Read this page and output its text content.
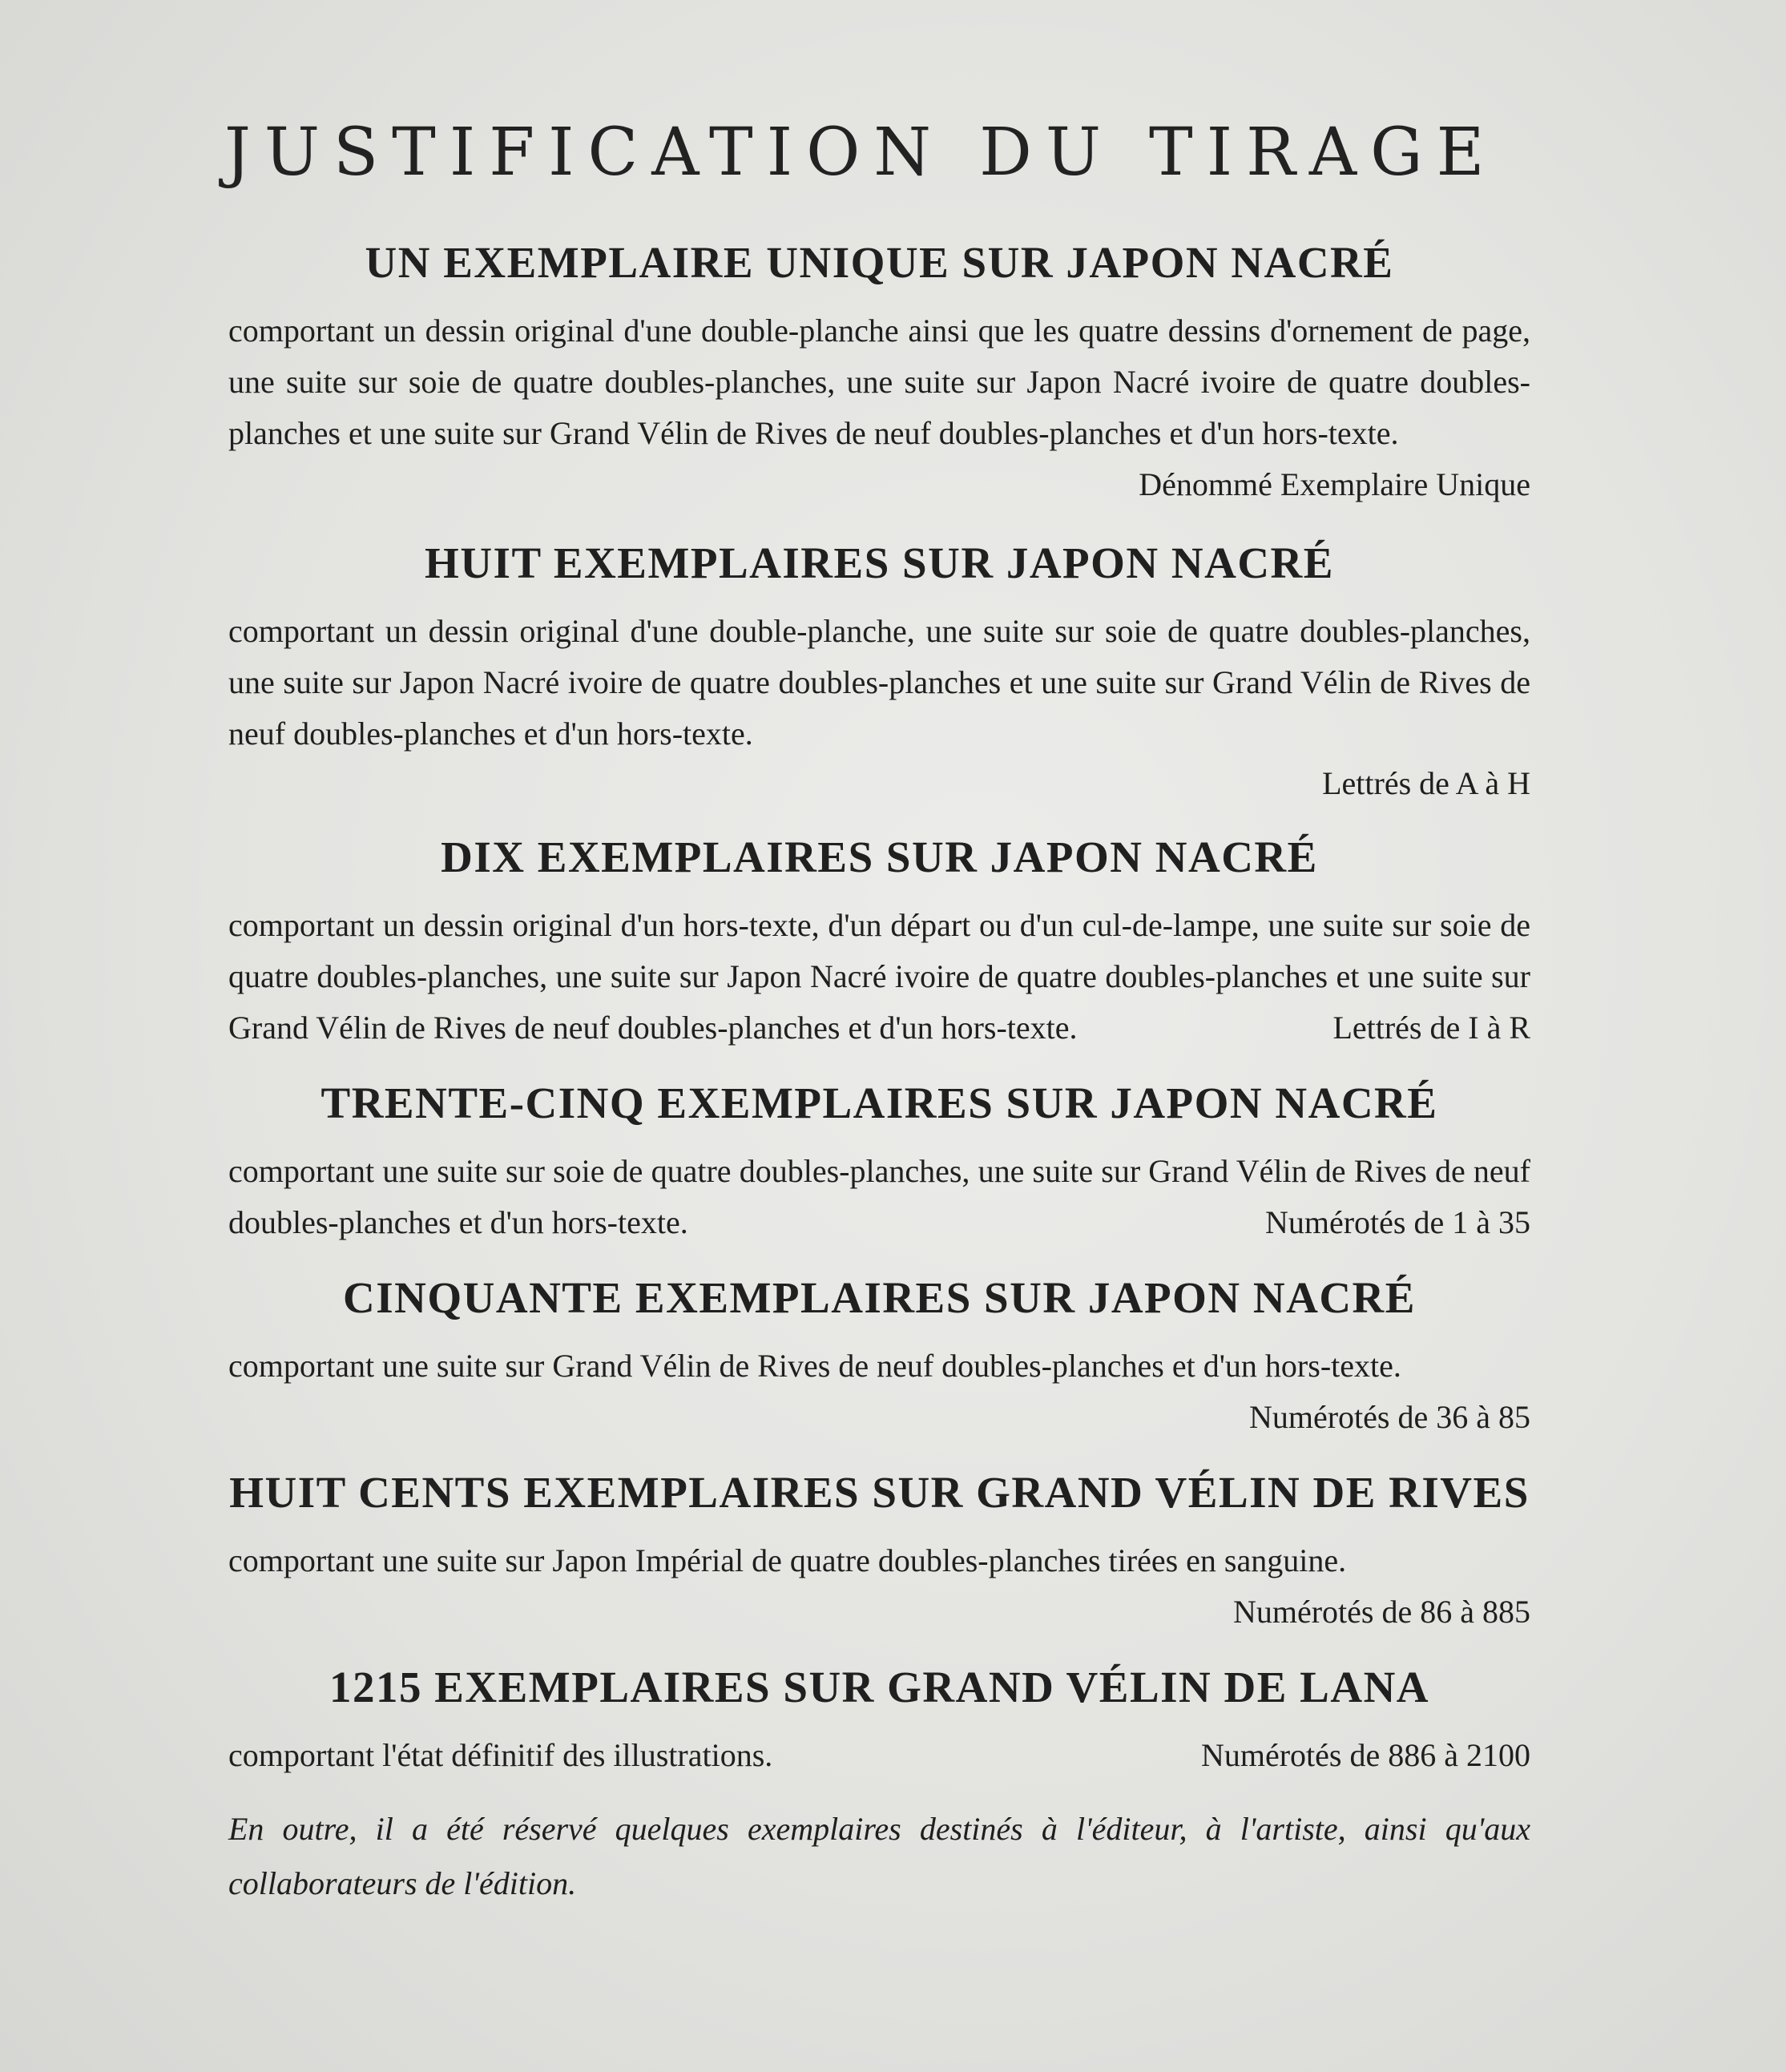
JUSTIFICATION DU TIRAGE
UN EXEMPLAIRE UNIQUE SUR JAPON NACRÉ

comportant un dessin original d'une double-planche ainsi que les quatre dessins d'ornement de page, une suite sur soie de quatre doubles-planches, une suite sur Japon Nacré ivoire de quatre doubles-planches et une suite sur Grand Vélin de Rives de neuf doubles-planches et d'un hors-texte.
Dénommé Exemplaire Unique

HUIT EXEMPLAIRES SUR JAPON NACRÉ

comportant un dessin original d'une double-planche, une suite sur soie de quatre doubles-planches, une suite sur Japon Nacré ivoire de quatre doubles-planches et une suite sur Grand Vélin de Rives de neuf doubles-planches et d'un hors-texte.

Lettrés de A à H

DIX EXEMPLAIRES SUR JAPON NACRÉ

comportant un dessin original d'un hors-texte, d'un départ ou d'un cul-de-lampe, une suite sur soie de quatre doubles-planches, une suite sur Japon Nacré ivoire de quatre doubles-planches et une suite sur Grand Vélin de Rives de neuf doubles-planches et d'un hors-texte.	Lettrés de I à R

TRENTE-CINQ EXEMPLAIRES SUR JAPON NACRÉ

comportant une suite sur soie de quatre doubles-planches, une suite sur Grand Vélin de Rives de neuf doubles-planches et d'un hors-texte.	Numérotés de 1 à 35

CINQUANTE EXEMPLAIRES SUR JAPON NACRÉ

comportant une suite sur Grand Vélin de Rives de neuf doubles-planches et d'un hors-texte.
Numérotés de 36 à 85

HUIT CENTS EXEMPLAIRES SUR GRAND VÉLIN DE RIVES

comportant une suite sur Japon Impérial de quatre doubles-planches tirées en sanguine.
Numérotés de 86 à 885

1215 EXEMPLAIRES SUR GRAND VÉLIN DE LANA

Numérotés de 886 à 2100
comportant l'état définitif des illustrations.

En outre, il a été réservé quelques exemplaires destinés à l'éditeur, à l'artiste, ainsi qu'aux collaborateurs de l'édition.
